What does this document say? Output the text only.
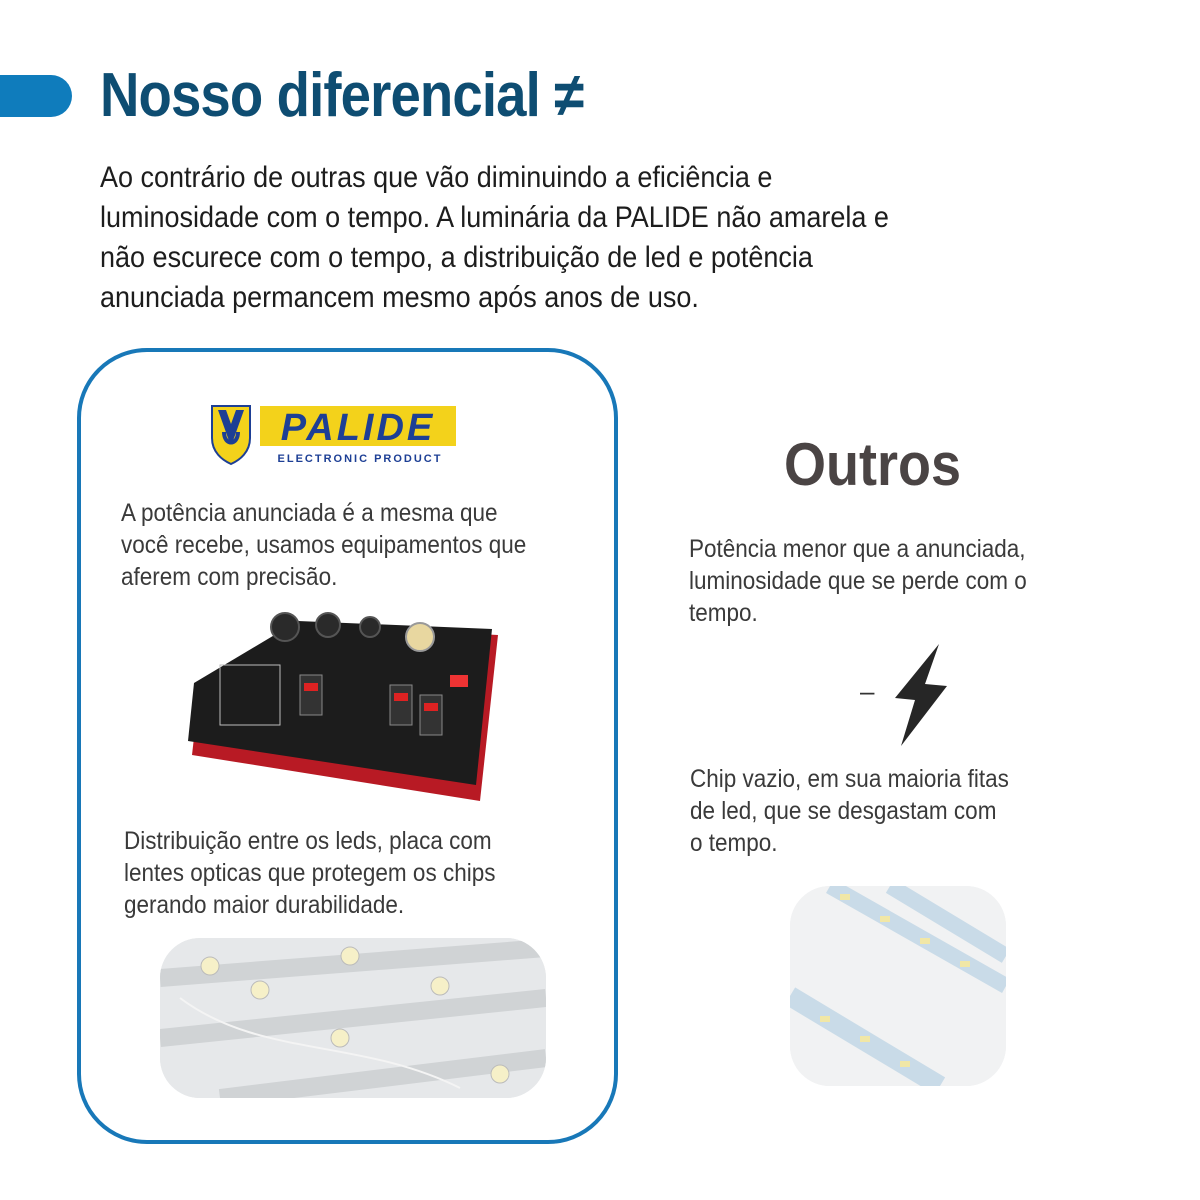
Nosso diferencial ≠

Ao contrário de outras que vão diminuindo a eficiência e luminosidade com o tempo. A luminária da PALIDE não amarela e não escurece com o tempo, a distribuição de led e potência anunciada permancem mesmo após anos de uso.

PALIDE
ELECTRONIC PRODUCT

A potência anunciada é a mesma que você recebe, usamos equipamentos que aferem com precisão.

Distribuição entre os leds, placa com lentes opticas que protegem os chips gerando maior durabilidade.

Outros

Potência menor que a anunciada, luminosidade que se perde com o tempo.

–

Chip vazio, em sua maioria fitas de led, que se desgastam com o tempo.
